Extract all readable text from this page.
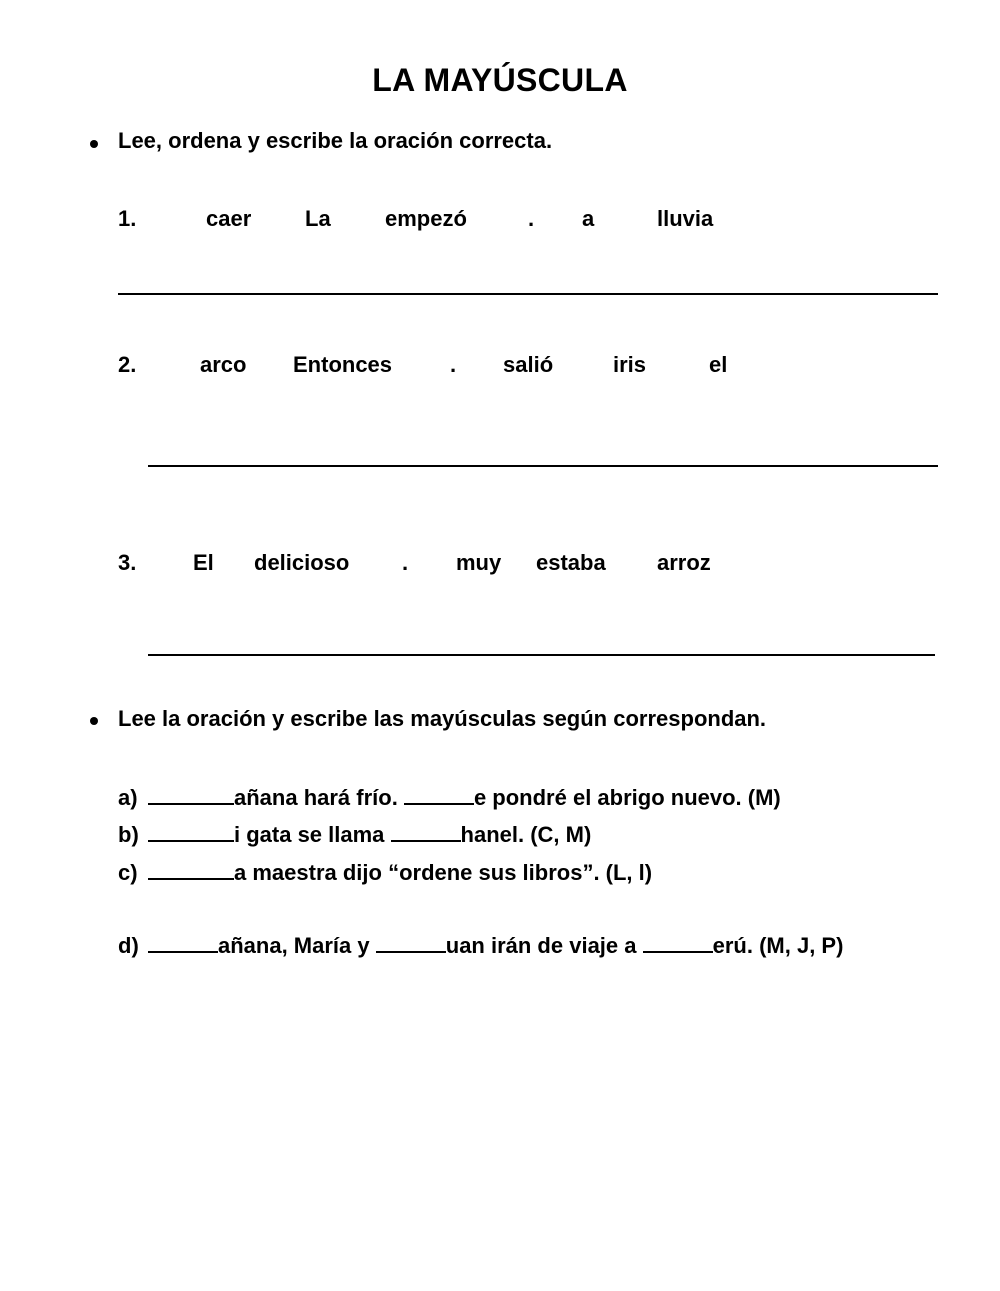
LA MAYÚSCULA
Lee, ordena y escribe la oración correcta.
1.	caer La empezó	. a	lluvia
2.	arco Entonces	. salió	iris	el
3.	El delicioso . muy estaba arroz
Lee la oración y escribe las mayúsculas según correspondan.
a)	añana hará frío.	e pondré el abrigo nuevo. (M)
b)	i gata se llama	hanel. (C, M)
c)	a maestra dijo “ordene sus libros”. (L, l)
d)	añana, María y	uan irán de viaje a	erú. (M, J, P)
